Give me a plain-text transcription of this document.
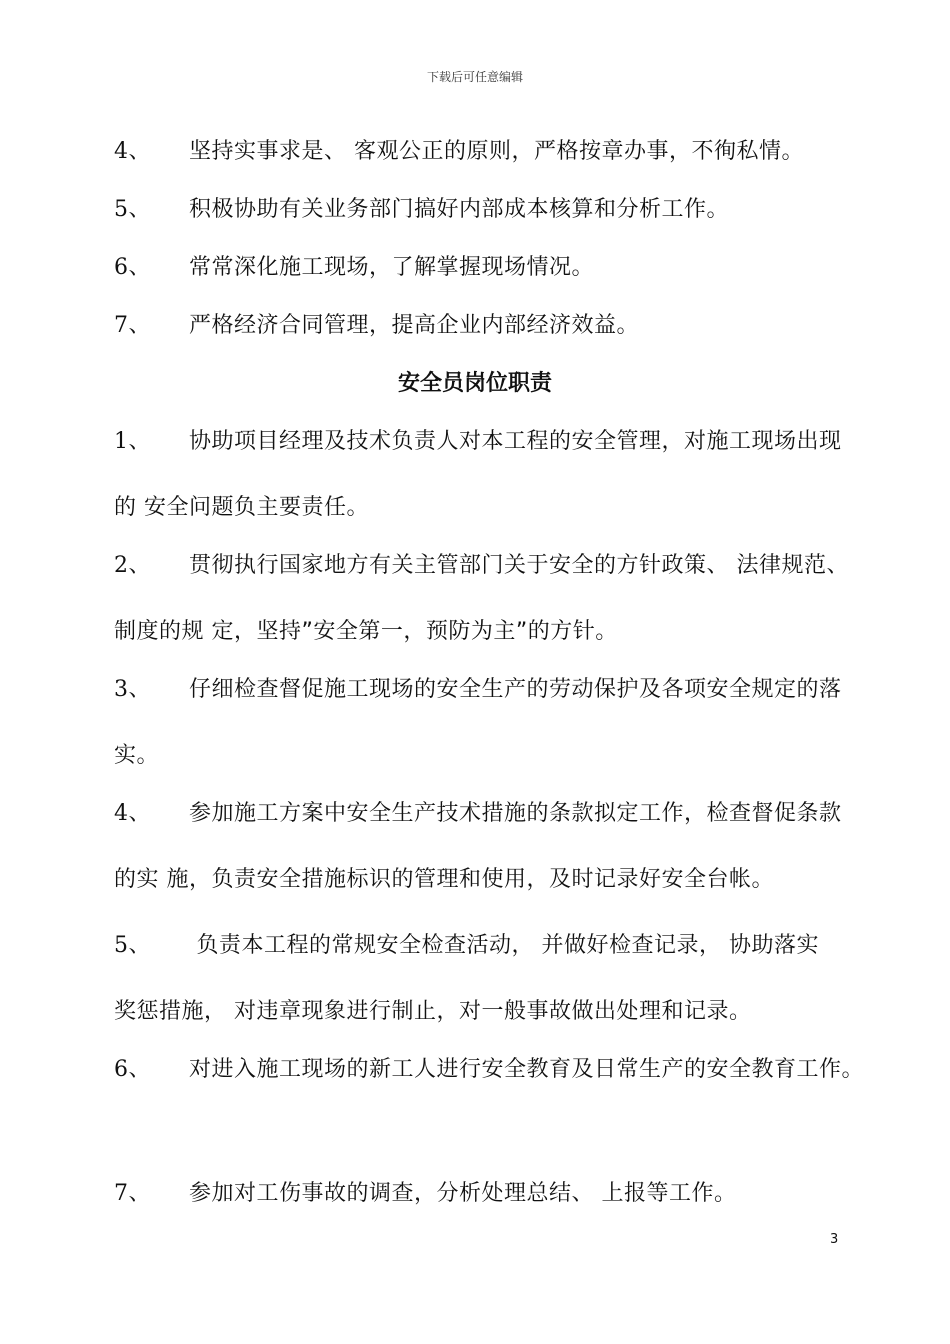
下载后可任意编辑
4、 坚持实事求是、 客观公正的原则，严格按章办事，不徇私情。
5、 积极协助有关业务部门搞好内部成本核算和分析工作。
6、 常常深化施工现场，了解掌握现场情况。
7、 严格经济合同管理，提高企业内部经济效益。
安全员岗位职责
1、 协助项目经理及技术负责人对本工程的安全管理，对施工现场出现
的 安全问题负主要责任。
2、 贯彻执行国家地方有关主管部门关于安全的方针政策、 法律规范、
制度的规 定，坚持”安全第一，预防为主”的方针。
3、 仔细检查督促施工现场的安全生产的劳动保护及各项安全规定的落
实。
4、 参加施工方案中安全生产技术措施的条款拟定工作，检查督促条款
的实 施，负责安全措施标识的管理和使用，及时记录好安全台帐。
5、 负责本工程的常规安全检查活动， 并做好检查记录， 协助落实
奖惩措施， 对违章现象进行制止，对一般事故做出处理和记录。
6、 对进入施工现场的新工人进行安全教育及日常生产的安全教育工作。
7、 参加对工伤事故的调查，分析处理总结、 上报等工作。
3
